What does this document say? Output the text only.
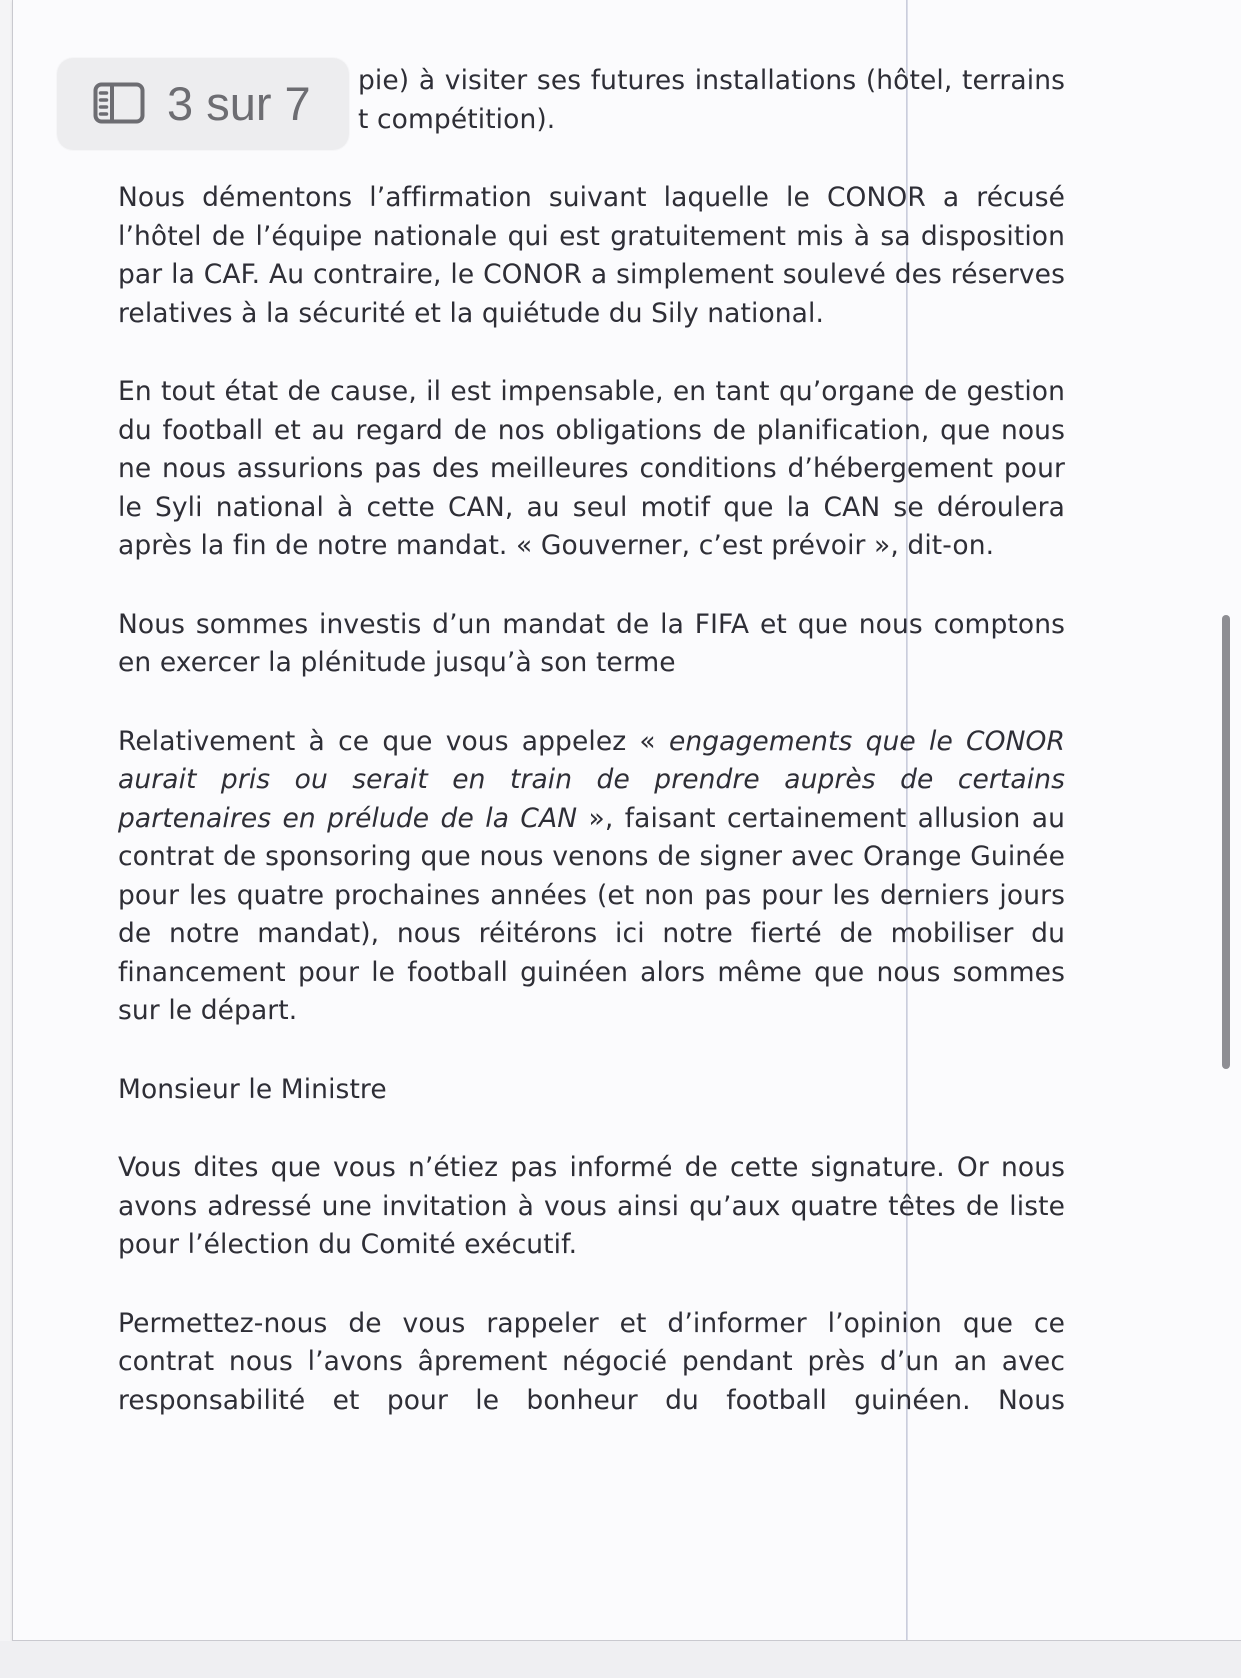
pie) à visiter ses futures installations (hôtel, terrains
t compétition).

Nous démentons l’affirmation suivant laquelle le CONOR a récusé l’hôtel de l’équipe nationale qui est gratuitement mis à sa disposition par la CAF. Au contraire, le CONOR a simplement soulevé des réserves relatives à la sécurité et la quiétude du Sily national.

En tout état de cause, il est impensable, en tant qu’organe de gestion du football et au regard de nos obligations de planification, que nous ne nous assurions pas des meilleures conditions d’hébergement pour le Syli national à cette CAN, au seul motif que la CAN se déroulera après la fin de notre mandat. « Gouverner, c’est prévoir », dit-on.

Nous sommes investis d’un mandat de la FIFA et que nous comptons en exercer la plénitude jusqu’à son terme

Relativement à ce que vous appelez « engagements que le CONOR aurait pris ou serait en train de prendre auprès de certains partenaires en prélude de la CAN », faisant certainement allusion au contrat de sponsoring que nous venons de signer avec Orange Guinée pour les quatre prochaines années (et non pas pour les derniers jours de notre mandat), nous réitérons ici notre fierté de mobiliser du financement pour le football guinéen alors même que nous sommes sur le départ.

Monsieur le Ministre

Vous dites que vous n’étiez pas informé de cette signature. Or nous avons adressé une invitation à vous ainsi qu’aux quatre têtes de liste pour l’élection du Comité exécutif.

Permettez-nous de vous rappeler et d’informer l’opinion que ce contrat nous l’avons âprement négocié pendant près d’un an avec responsabilité et pour le bonheur du football guinéen. Nous

3 sur 7
